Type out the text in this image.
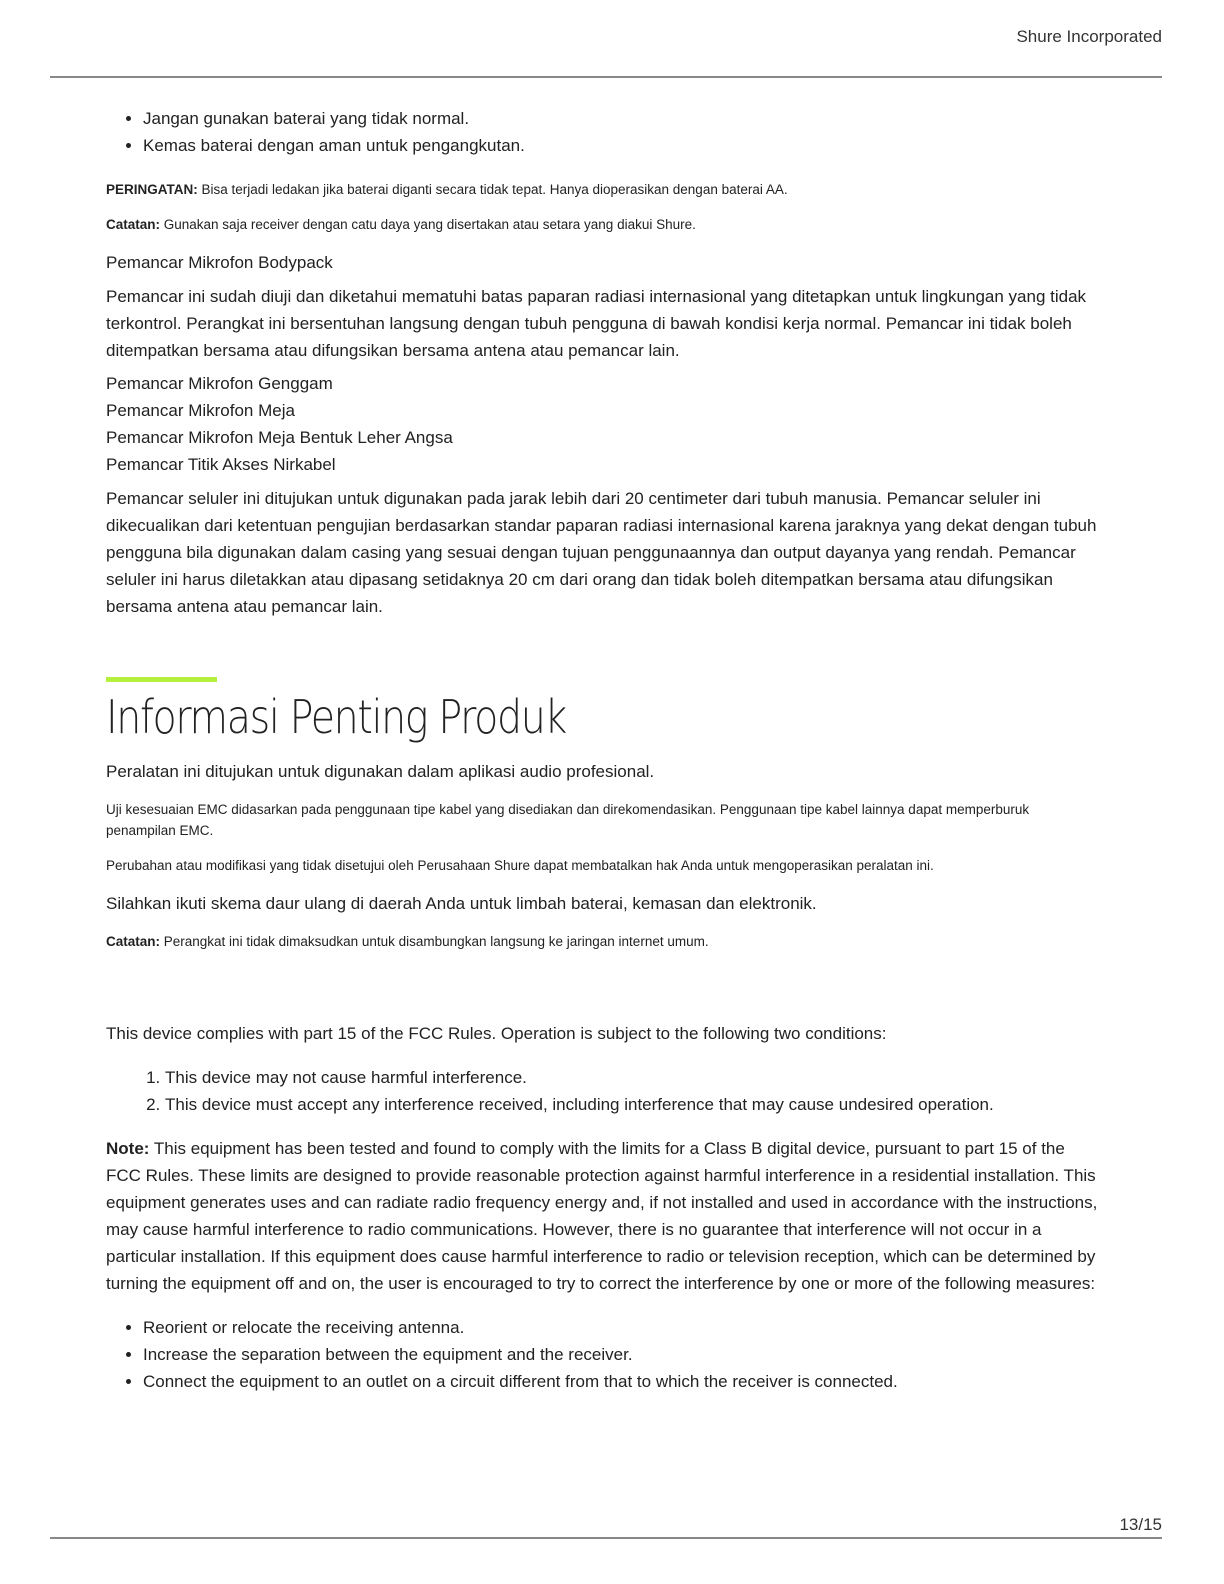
Shure Incorporated
• Jangan gunakan baterai yang tidak normal.
• Kemas baterai dengan aman untuk pengangkutan.

PERINGATAN: Bisa terjadi ledakan jika baterai diganti secara tidak tepat. Hanya dioperasikan dengan baterai AA.

Catatan: Gunakan saja receiver dengan catu daya yang disertakan atau setara yang diakui Shure.

Pemancar Mikrofon Bodypack

Pemancar ini sudah diuji dan diketahui mematuhi batas paparan radiasi internasional yang ditetapkan untuk lingkungan yang tidak terkontrol. Perangkat ini bersentuhan langsung dengan tubuh pengguna di bawah kondisi kerja normal. Pemancar ini tidak boleh ditempatkan bersama atau difungsikan bersama antena atau pemancar lain.

Pemancar Mikrofon Genggam
Pemancar Mikrofon Meja
Pemancar Mikrofon Meja Bentuk Leher Angsa
Pemancar Titik Akses Nirkabel

Pemancar seluler ini ditujukan untuk digunakan pada jarak lebih dari 20 centimeter dari tubuh manusia. Pemancar seluler ini dikecualikan dari ketentuan pengujian berdasarkan standar paparan radiasi internasional karena jaraknya yang dekat dengan tubuh pengguna bila digunakan dalam casing yang sesuai dengan tujuan penggunaannya dan output dayanya yang rendah. Pemancar seluler ini harus diletakkan atau dipasang setidaknya 20 cm dari orang dan tidak boleh ditempatkan bersama atau difungsikan bersama antena atau pemancar lain.

Informasi Penting Produk

Peralatan ini ditujukan untuk digunakan dalam aplikasi audio profesional.

Uji kesesuaian EMC didasarkan pada penggunaan tipe kabel yang disediakan dan direkomendasikan. Penggunaan tipe kabel lainnya dapat memperburuk penampilan EMC.

Perubahan atau modifikasi yang tidak disetujui oleh Perusahaan Shure dapat membatalkan hak Anda untuk mengoperasikan peralatan ini.

Silahkan ikuti skema daur ulang di daerah Anda untuk limbah baterai, kemasan dan elektronik.

Catatan: Perangkat ini tidak dimaksudkan untuk disambungkan langsung ke jaringan internet umum.

This device complies with part 15 of the FCC Rules. Operation is subject to the following two conditions:

1. This device may not cause harmful interference.
2. This device must accept any interference received, including interference that may cause undesired operation.

Note: This equipment has been tested and found to comply with the limits for a Class B digital device, pursuant to part 15 of the FCC Rules. These limits are designed to provide reasonable protection against harmful interference in a residential installation. This equipment generates uses and can radiate radio frequency energy and, if not installed and used in accordance with the instructions, may cause harmful interference to radio communications. However, there is no guarantee that interference will not occur in a particular installation. If this equipment does cause harmful interference to radio or television reception, which can be determined by turning the equipment off and on, the user is encouraged to try to correct the interference by one or more of the following measures:

• Reorient or relocate the receiving antenna.
• Increase the separation between the equipment and the receiver.
• Connect the equipment to an outlet on a circuit different from that to which the receiver is connected.
13/15
